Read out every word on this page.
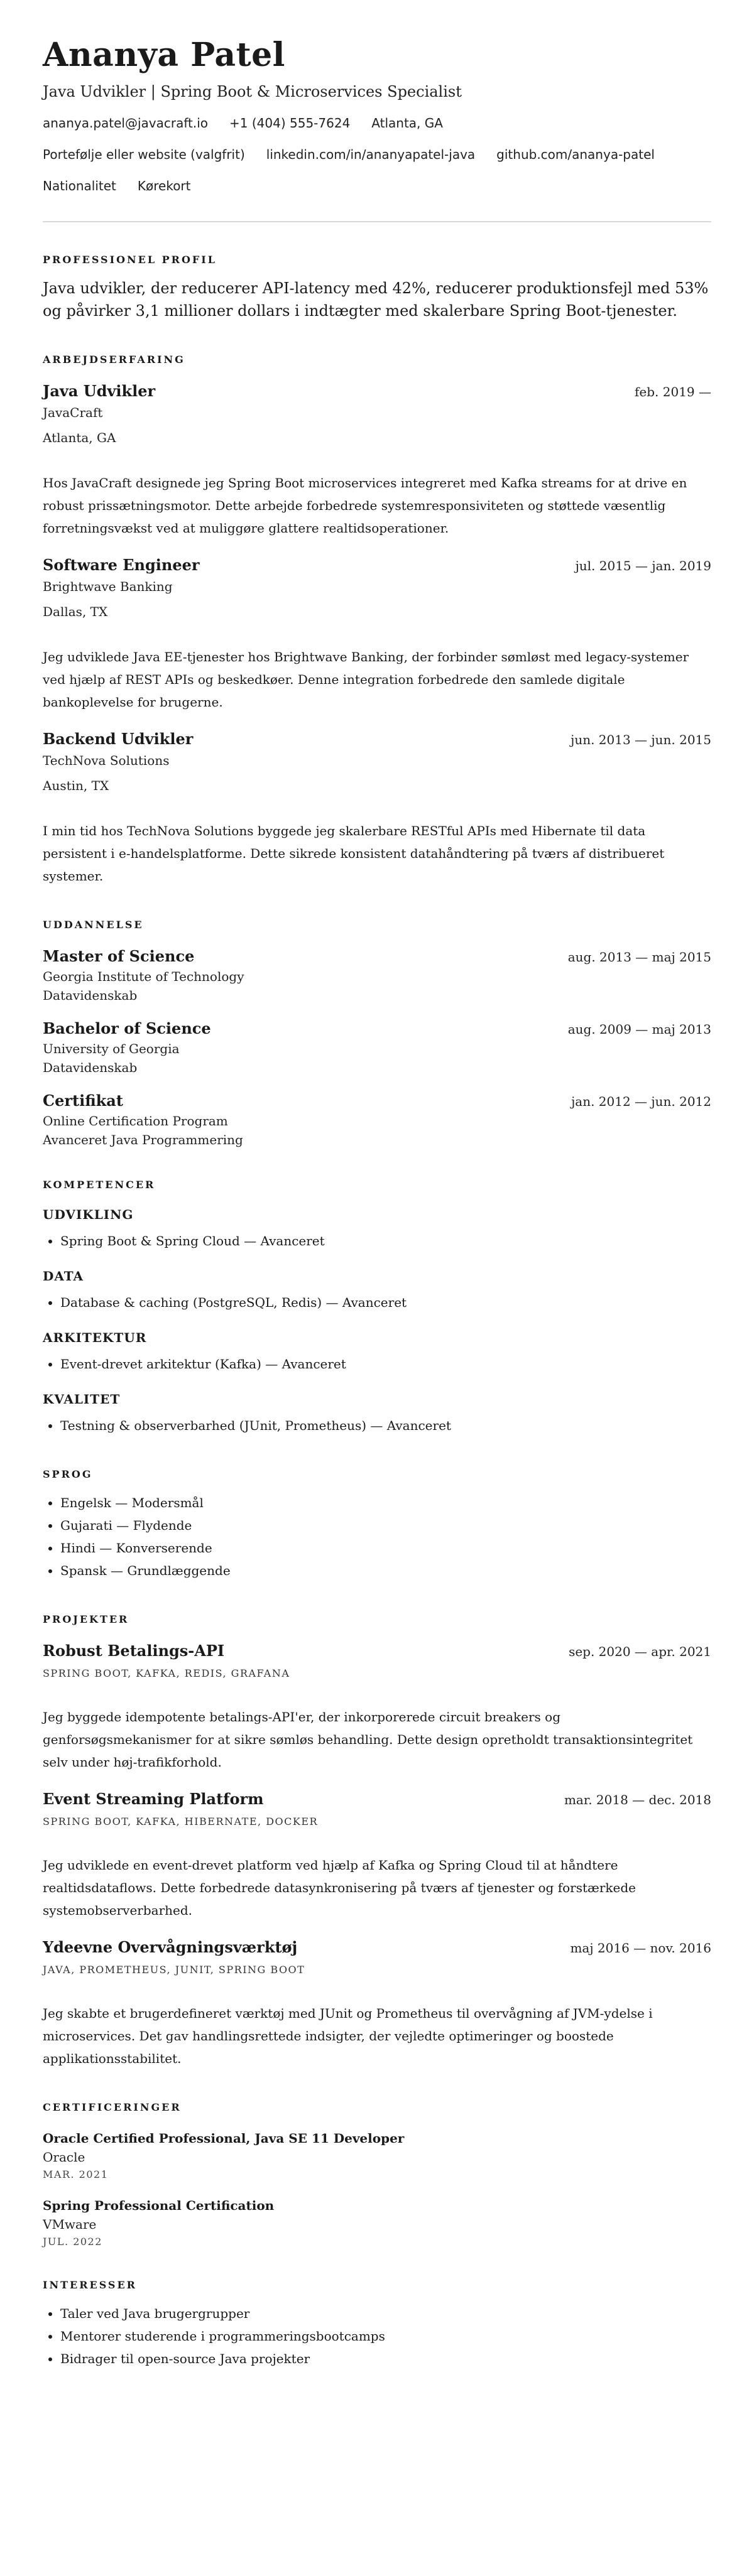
Ananya Patel
Java Udvikler | Spring Boot & Microservices Specialist
ananya.patel@javacraft.io +1 (404) 555-7624 Atlanta, GA
Portefølje eller website (valgfrit) linkedin.com/in/ananyapatel-java github.com/ananya-patel
Nationalitet Kørekort
PROFESSIONEL PROFIL
Java udvikler, der reducerer API-latency med 42%, reducerer produktionsfejl med 53% og påvirker 3,1 millioner dollars i indtægter med skalerbare Spring Boot-tjenester.
ARBEJDSERFARING
Java Udvikler	feb. 2019 —
JavaCraft
Atlanta, GA
Hos JavaCraft designede jeg Spring Boot microservices integreret med Kafka streams for at drive en robust prissætningsmotor. Dette arbejde forbedrede systemresponsiviteten og støttede væsentlig forretningsvækst ved at muliggøre glattere realtidsoperationer.
Software Engineer	jul. 2015 — jan. 2019
Brightwave Banking
Dallas, TX
Jeg udviklede Java EE-tjenester hos Brightwave Banking, der forbinder sømløst med legacy-systemer ved hjælp af REST APIs og beskedkøer. Denne integration forbedrede den samlede digitale bankoplevelse for brugerne.
Backend Udvikler	jun. 2013 — jun. 2015
TechNova Solutions
Austin, TX
I min tid hos TechNova Solutions byggede jeg skalerbare RESTful APIs med Hibernate til data persistent i e-handelsplatforme. Dette sikrede konsistent datahåndtering på tværs af distribueret systemer.
UDDANNELSE
Master of Science	aug. 2013 — maj 2015
Georgia Institute of Technology
Datavidenskab
Bachelor of Science	aug. 2009 — maj 2013
University of Georgia
Datavidenskab
Certifikat	jan. 2012 — jun. 2012
Online Certification Program
Avanceret Java Programmering
KOMPETENCER
UDVIKLING
• Spring Boot & Spring Cloud — Avanceret
DATA
• Database & caching (PostgreSQL, Redis) — Avanceret
ARKITEKTUR
• Event-drevet arkitektur (Kafka) — Avanceret
KVALITET
• Testning & observerbarhed (JUnit, Prometheus) — Avanceret
SPROG
• Engelsk — Modersmål
• Gujarati — Flydende
• Hindi — Konverserende
• Spansk — Grundlæggende
PROJEKTER
Robust Betalings-API	sep. 2020 — apr. 2021
SPRING BOOT, KAFKA, REDIS, GRAFANA
Jeg byggede idempotente betalings-API'er, der inkorporerede circuit breakers og genforsøgsmekanismer for at sikre sømløs behandling. Dette design opretholdt transaktionsintegritet selv under høj-trafikforhold.
Event Streaming Platform	mar. 2018 — dec. 2018
SPRING BOOT, KAFKA, HIBERNATE, DOCKER
Jeg udviklede en event-drevet platform ved hjælp af Kafka og Spring Cloud til at håndtere realtidsdataflows. Dette forbedrede datasynkronisering på tværs af tjenester og forstærkede systemobserverbarhed.
Ydeevne Overvågningsværktøj	maj 2016 — nov. 2016
JAVA, PROMETHEUS, JUNIT, SPRING BOOT
Jeg skabte et brugerdefineret værktøj med JUnit og Prometheus til overvågning af JVM-ydelse i microservices. Det gav handlingsrettede indsigter, der vejledte optimeringer og boostede applikationsstabilitet.
CERTIFICERINGER
Oracle Certified Professional, Java SE 11 Developer
Oracle
MAR. 2021
Spring Professional Certification
VMware
JUL. 2022
INTERESSER
• Taler ved Java brugergrupper
• Mentorer studerende i programmeringsbootcamps
• Bidrager til open-source Java projekter
